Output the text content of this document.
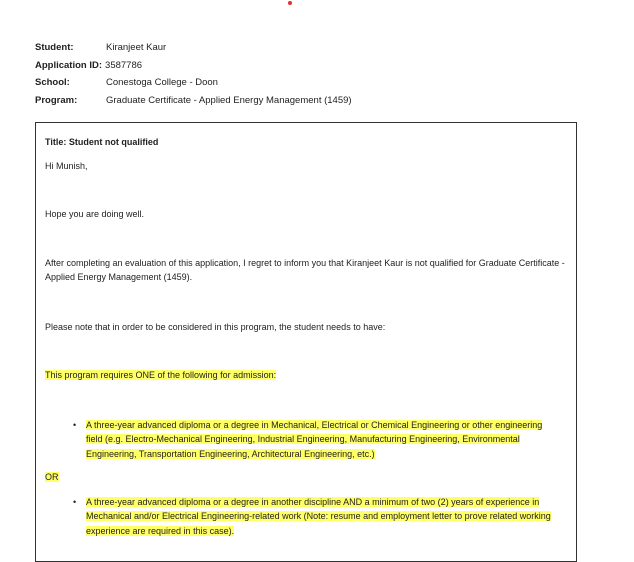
Student:	Kiranjeet Kaur
Application ID: 3587786
School:	Conestoga College - Doon
Program:	Graduate Certificate - Applied Energy Management (1459)

Title: Student not qualified

Hi Munish,

Hope you are doing well.

After completing an evaluation of this application, I regret to inform you that Kiranjeet Kaur is not qualified for Graduate Certificate - Applied Energy Management (1459).

Please note that in order to be considered in this program, the student needs to have:

This program requires ONE of the following for admission:

• A three-year advanced diploma or a degree in Mechanical, Electrical or Chemical Engineering or other engineering field (e.g. Electro-Mechanical Engineering, Industrial Engineering, Manufacturing Engineering, Environmental Engineering, Transportation Engineering, Architectural Engineering, etc.)

OR

• A three-year advanced diploma or a degree in another discipline AND a minimum of two (2) years of experience in Mechanical and/or Electrical Engineering-related work (Note: resume and employment letter to prove related working experience are required in this case).
